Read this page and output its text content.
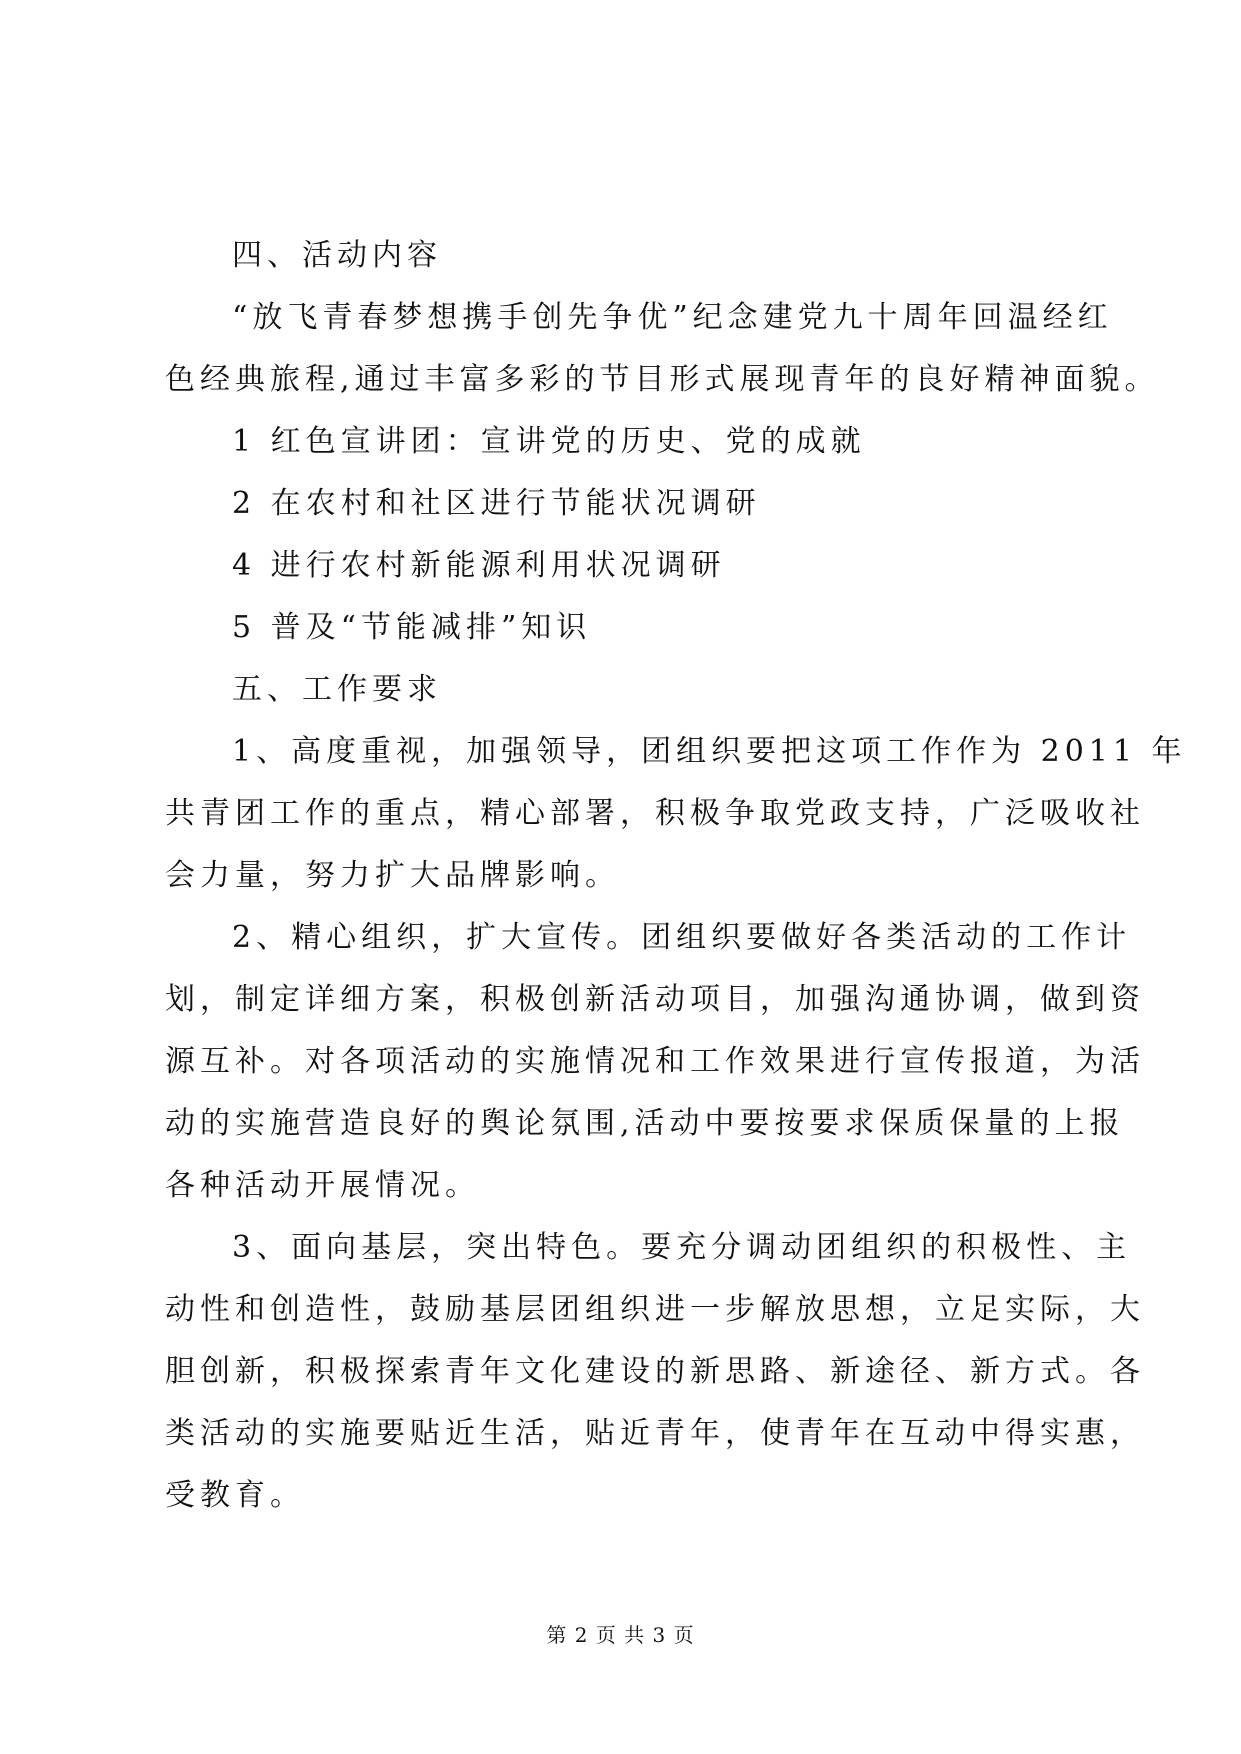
四、活动内容

“放飞青春梦想携手创先争优”纪念建党九十周年回温经红

色经典旅程,通过丰富多彩的节目形式展现青年的良好精神面貌。

1 红色宣讲团：宣讲党的历史、党的成就

2 在农村和社区进行节能状况调研

4 进行农村新能源利用状况调研

5 普及“节能减排”知识

五、工作要求

1、高度重视，加强领导，团组织要把这项工作作为 2011 年

共青团工作的重点，精心部署，积极争取党政支持，广泛吸收社

会力量，努力扩大品牌影响。

2、精心组织，扩大宣传。团组织要做好各类活动的工作计

划，制定详细方案，积极创新活动项目，加强沟通协调，做到资

源互补。对各项活动的实施情况和工作效果进行宣传报道，为活

动的实施营造良好的舆论氛围,活动中要按要求保质保量的上报

各种活动开展情况。

3、面向基层，突出特色。要充分调动团组织的积极性、主

动性和创造性，鼓励基层团组织进一步解放思想，立足实际，大

胆创新，积极探索青年文化建设的新思路、新途径、新方式。各

类活动的实施要贴近生活，贴近青年，使青年在互动中得实惠，

受教育。

第 2 页 共 3 页
